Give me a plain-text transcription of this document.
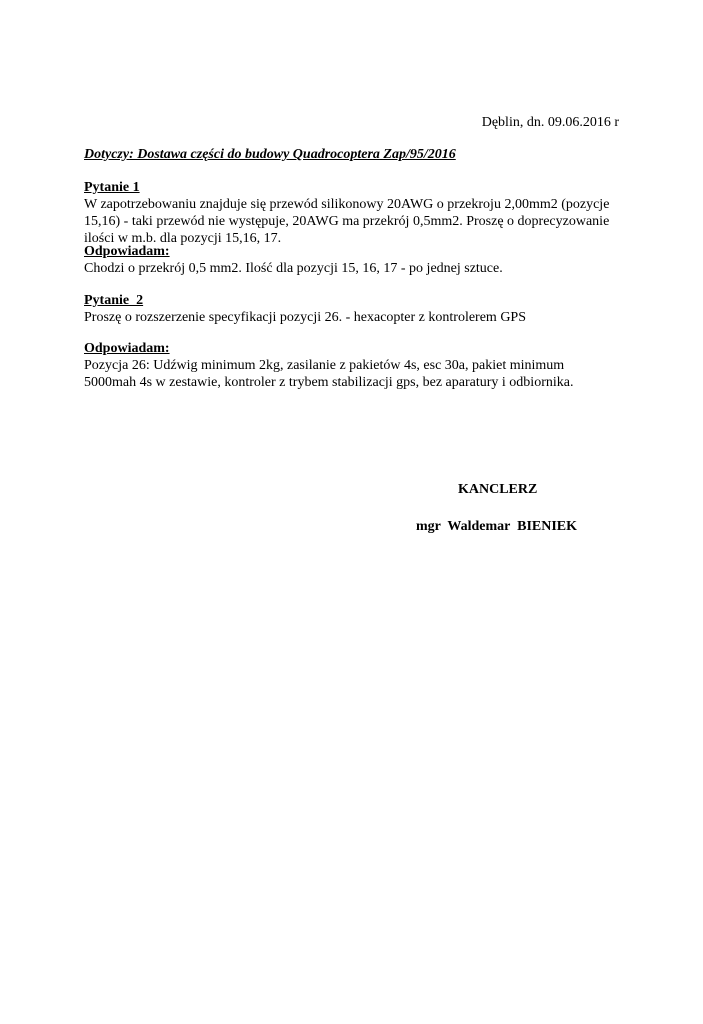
Dęblin, dn. 09.06.2016 r
Dotyczy: Dostawa części do budowy Quadrocoptera Zap/95/2016

Pytanie 1

W zapotrzebowaniu znajduje się przewód silikonowy 20AWG o przekroju 2,00mm2 (pozycje

15,16) - taki przewód nie występuje, 20AWG ma przekrój 0,5mm2. Proszę o doprecyzowanie

ilości w m.b. dla pozycji 15,16, 17.

Odpowiadam:

Chodzi o przekrój 0,5 mm2. Ilość dla pozycji 15, 16, 17 - po jednej sztuce.

Pytanie  2

Proszę o rozszerzenie specyfikacji pozycji 26. - hexacopter z kontrolerem GPS

Odpowiadam:

Pozycja 26: Udźwig minimum 2kg, zasilanie z pakietów 4s, esc 30a, pakiet minimum

5000mah 4s w zestawie, kontroler z trybem stabilizacji gps, bez aparatury i odbiornika.

KANCLERZ
mgr  Waldemar  BIENIEK
